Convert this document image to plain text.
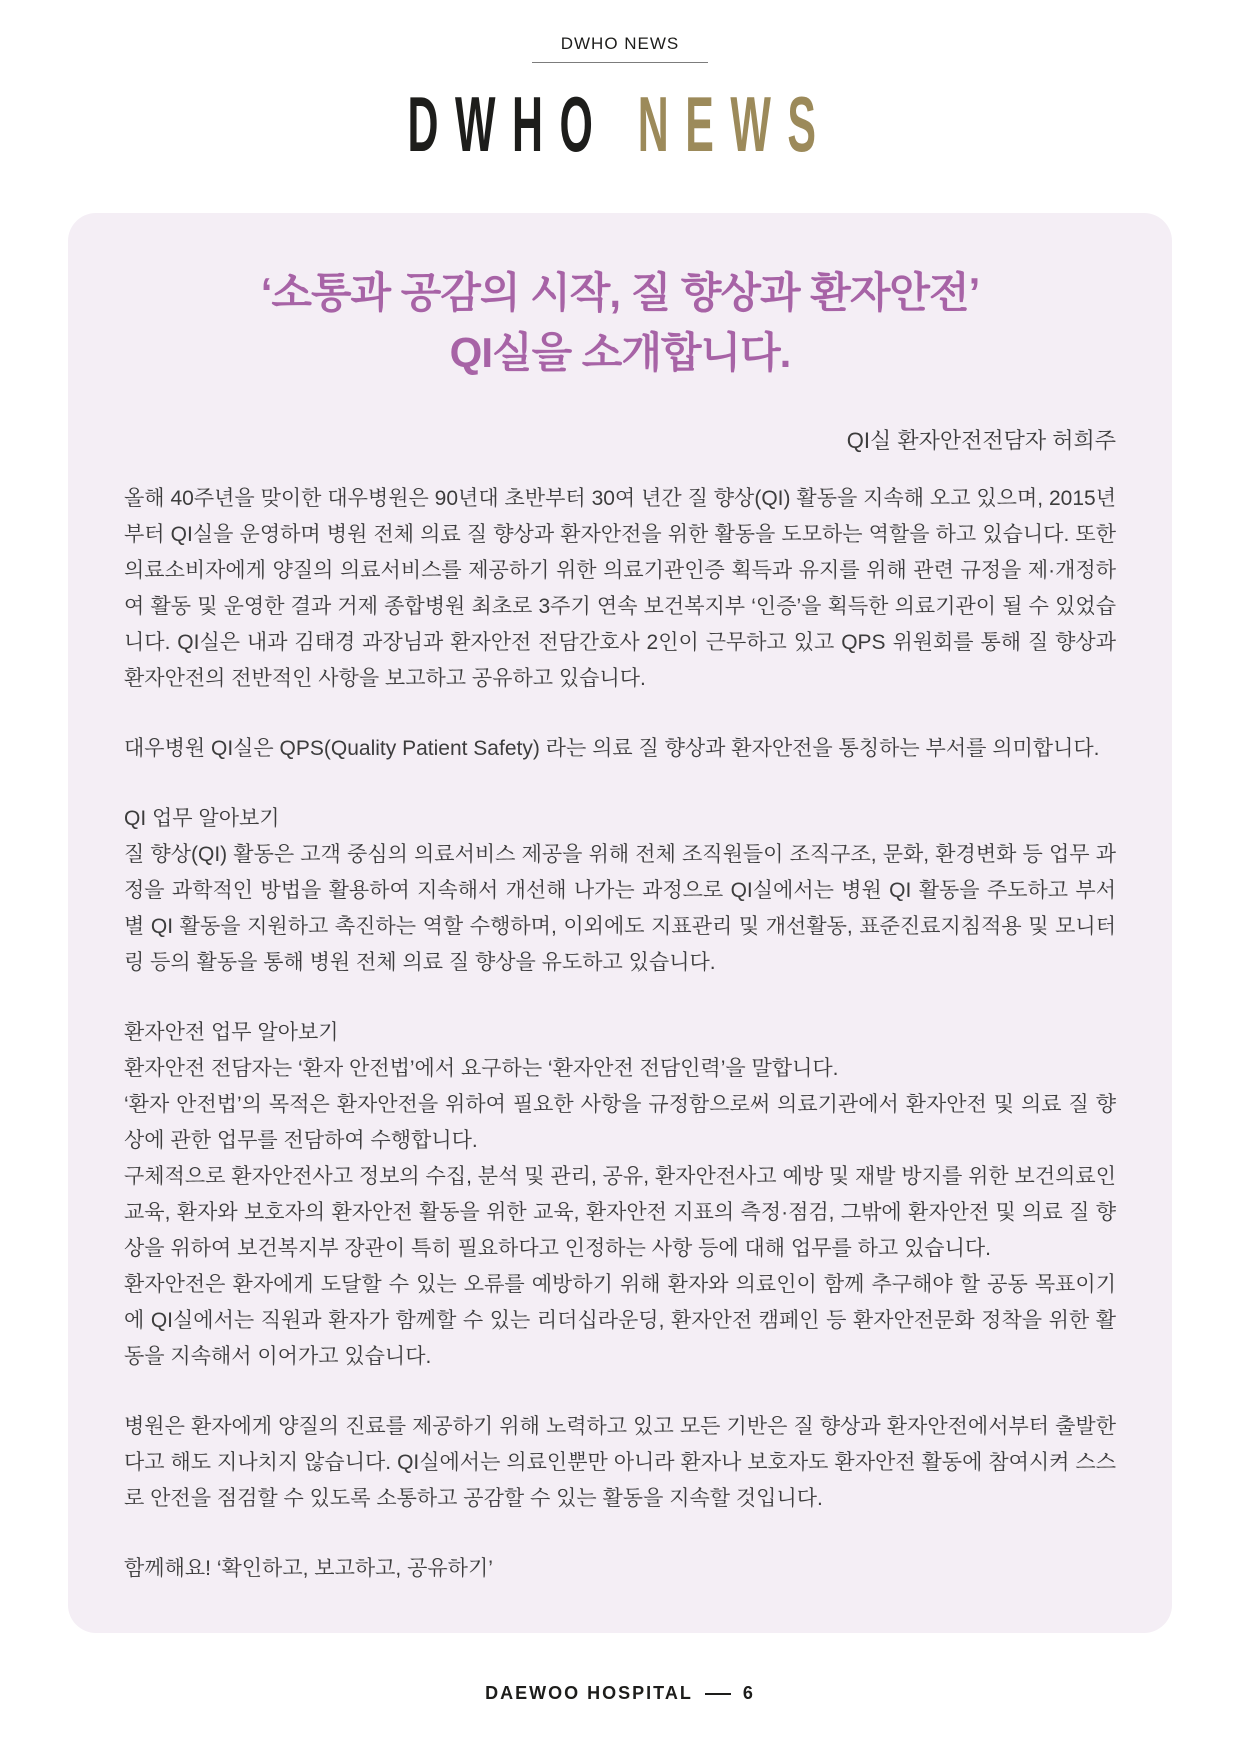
DWHO NEWS
DWHO NEWS
‘소통과 공감의 시작, 질 향상과 환자안전’
QI실을 소개합니다.
QI실 환자안전전담자 허희주

올해 40주년을 맞이한 대우병원은 90년대 초반부터 30여 년간 질 향상(QI) 활동을 지속해 오고 있으며, 2015년부터 QI실을 운영하며 병원 전체 의료 질 향상과 환자안전을 위한 활동을 도모하는 역할을 하고 있습니다. 또한 의료소비자에게 양질의 의료서비스를 제공하기 위한 의료기관인증 획득과 유지를 위해 관련 규정을 제·개정하여 활동 및 운영한 결과 거제 종합병원 최초로 3주기 연속 보건복지부 ‘인증’을 획득한 의료기관이 될 수 있었습니다. QI실은 내과 김태경 과장님과 환자안전 전담간호사 2인이 근무하고 있고 QPS 위원회를 통해 질 향상과 환자안전의 전반적인 사항을 보고하고 공유하고 있습니다.

대우병원 QI실은 QPS(Quality Patient Safety) 라는 의료 질 향상과 환자안전을 통칭하는 부서를 의미합니다.

QI 업무 알아보기

질 향상(QI) 활동은 고객 중심의 의료서비스 제공을 위해 전체 조직원들이 조직구조, 문화, 환경변화 등 업무 과정을 과학적인 방법을 활용하여 지속해서 개선해 나가는 과정으로 QI실에서는 병원 QI 활동을 주도하고 부서별 QI 활동을 지원하고 촉진하는 역할 수행하며, 이외에도 지표관리 및 개선활동, 표준진료지침적용 및 모니터링 등의 활동을 통해 병원 전체 의료 질 향상을 유도하고 있습니다.

환자안전 업무 알아보기

환자안전 전담자는 ‘환자 안전법’에서 요구하는 ‘환자안전 전담인력’을 말합니다.
‘환자 안전법’의 목적은 환자안전을 위하여 필요한 사항을 규정함으로써 의료기관에서 환자안전 및 의료 질 향상에 관한 업무를 전담하여 수행합니다.
구체적으로 환자안전사고 정보의 수집, 분석 및 관리, 공유, 환자안전사고 예방 및 재발 방지를 위한 보건의료인 교육, 환자와 보호자의 환자안전 활동을 위한 교육, 환자안전 지표의 측정·점검, 그밖에 환자안전 및 의료 질 향상을 위하여 보건복지부 장관이 특히 필요하다고 인정하는 사항 등에 대해 업무를 하고 있습니다.
환자안전은 환자에게 도달할 수 있는 오류를 예방하기 위해 환자와 의료인이 함께 추구해야 할 공동 목표이기에 QI실에서는 직원과 환자가 함께할 수 있는 리더십라운딩, 환자안전 캠페인 등 환자안전문화 정착을 위한 활동을 지속해서 이어가고 있습니다.

병원은 환자에게 양질의 진료를 제공하기 위해 노력하고 있고 모든 기반은 질 향상과 환자안전에서부터 출발한다고 해도 지나치지 않습니다. QI실에서는 의료인뿐만 아니라 환자나 보호자도 환자안전 활동에 참여시켜 스스로 안전을 점검할 수 있도록 소통하고 공감할 수 있는 활동을 지속할 것입니다.

함께해요! ‘확인하고, 보고하고, 공유하기’

DAEWOO HOSPITAL	6
